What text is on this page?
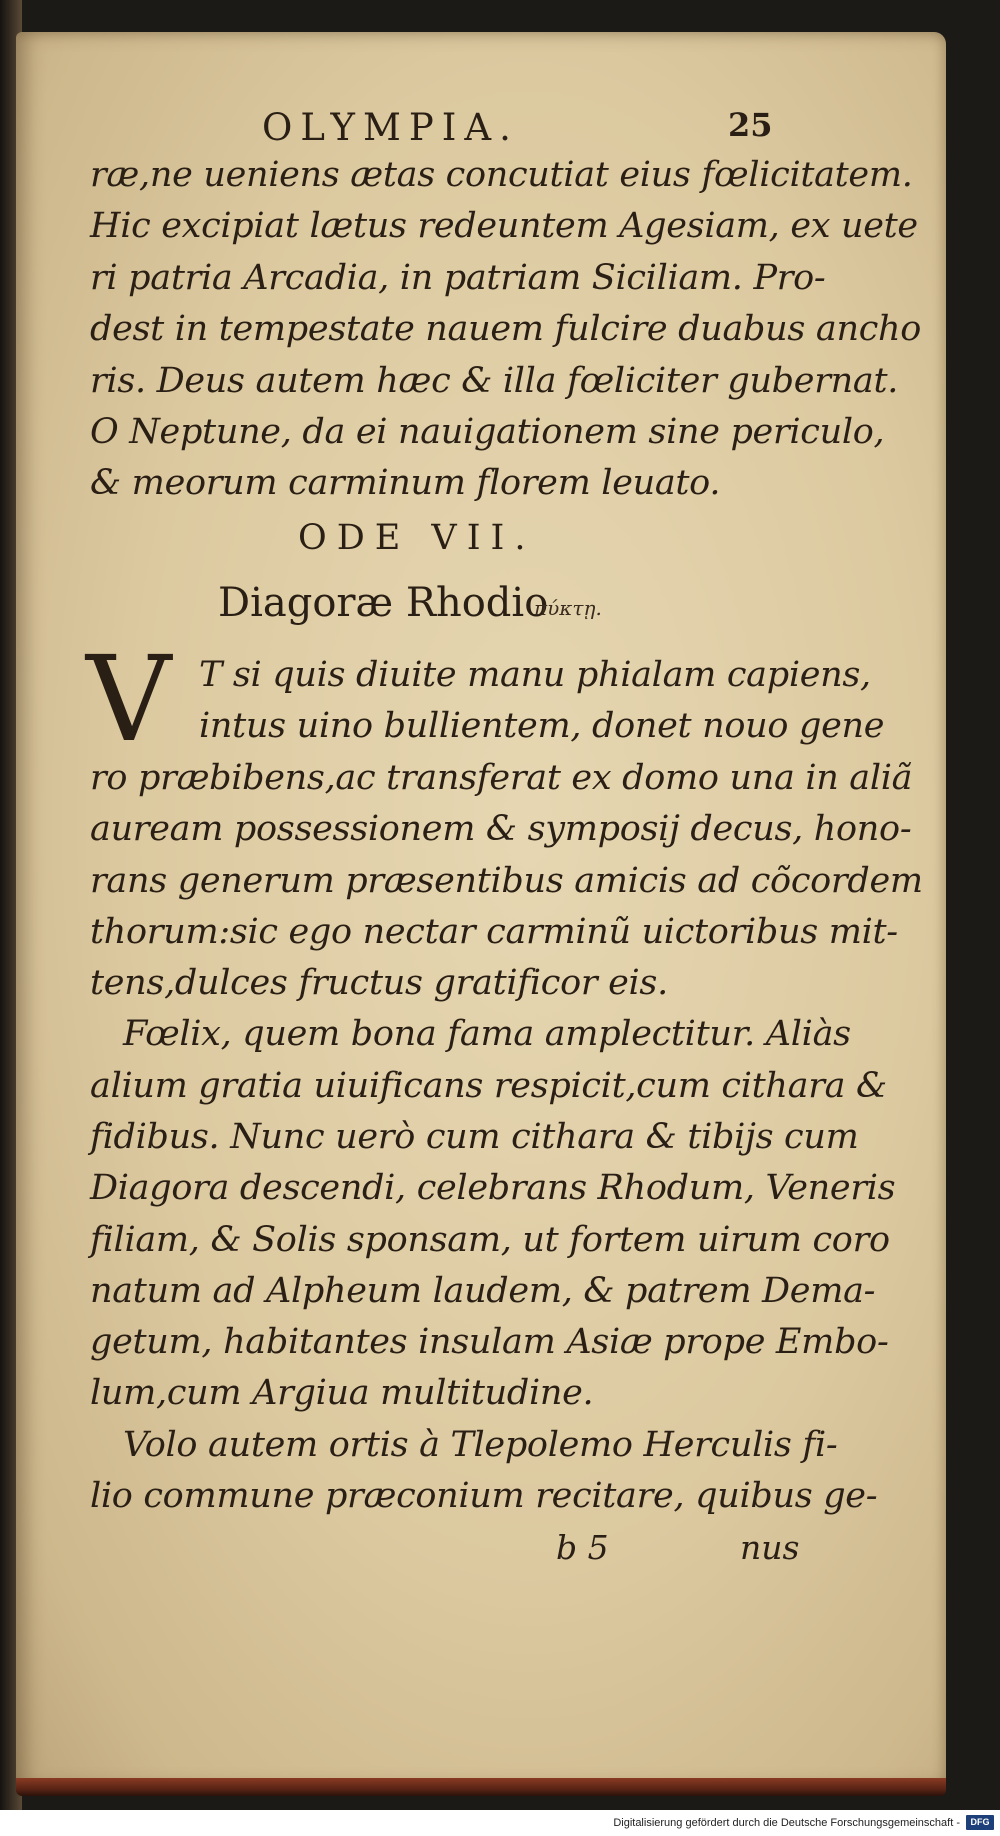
OLYMPIA.	25
ræ,ne ueniens ætas concutiat eius fœlicitatem.
Hic excipiat lætus redeuntem Agesiam, ex uete
ri patria Arcadia, in patriam Siciliam. Pro-
dest in tempestate nauem fulcire duabus ancho
ris. Deus autem hæc & illa fœliciter gubernat.
O Neptune, da ei nauigationem sine periculo,
& meorum carminum florem leuato.
ODE VII.
Diagoræ Rhodio
πύκτῃ.
V T si quis diuite manu phialam capiens,
intus uino bullientem, donet nouo gene
ro præbibens,ac transferat ex domo una in aliã
auream possessionem & symposij decus, hono-
rans generum præsentibus amicis ad cõcordem
thorum:sic ego nectar carminũ uictoribus mit-
tens,dulces fructus gratificor eis.
Fœlix, quem bona fama amplectitur. Aliàs
alium gratia uiuificans respicit,cum cithara &
fidibus. Nunc uerò cum cithara & tibijs cum
Diagora descendi, celebrans Rhodum, Veneris
filiam, & Solis sponsam, ut fortem uirum coro
natum ad Alpheum laudem, & patrem Dema-
getum, habitantes insulam Asiæ prope Embo-
lum,cum Argiua multitudine.
Volo autem ortis à Tlepolemo Herculis fi-
lio commune præconium recitare, quibus ge-
b 5	nus
Digitalisierung gefördert durch die Deutsche Forschungsgemeinschaft -	DFG
